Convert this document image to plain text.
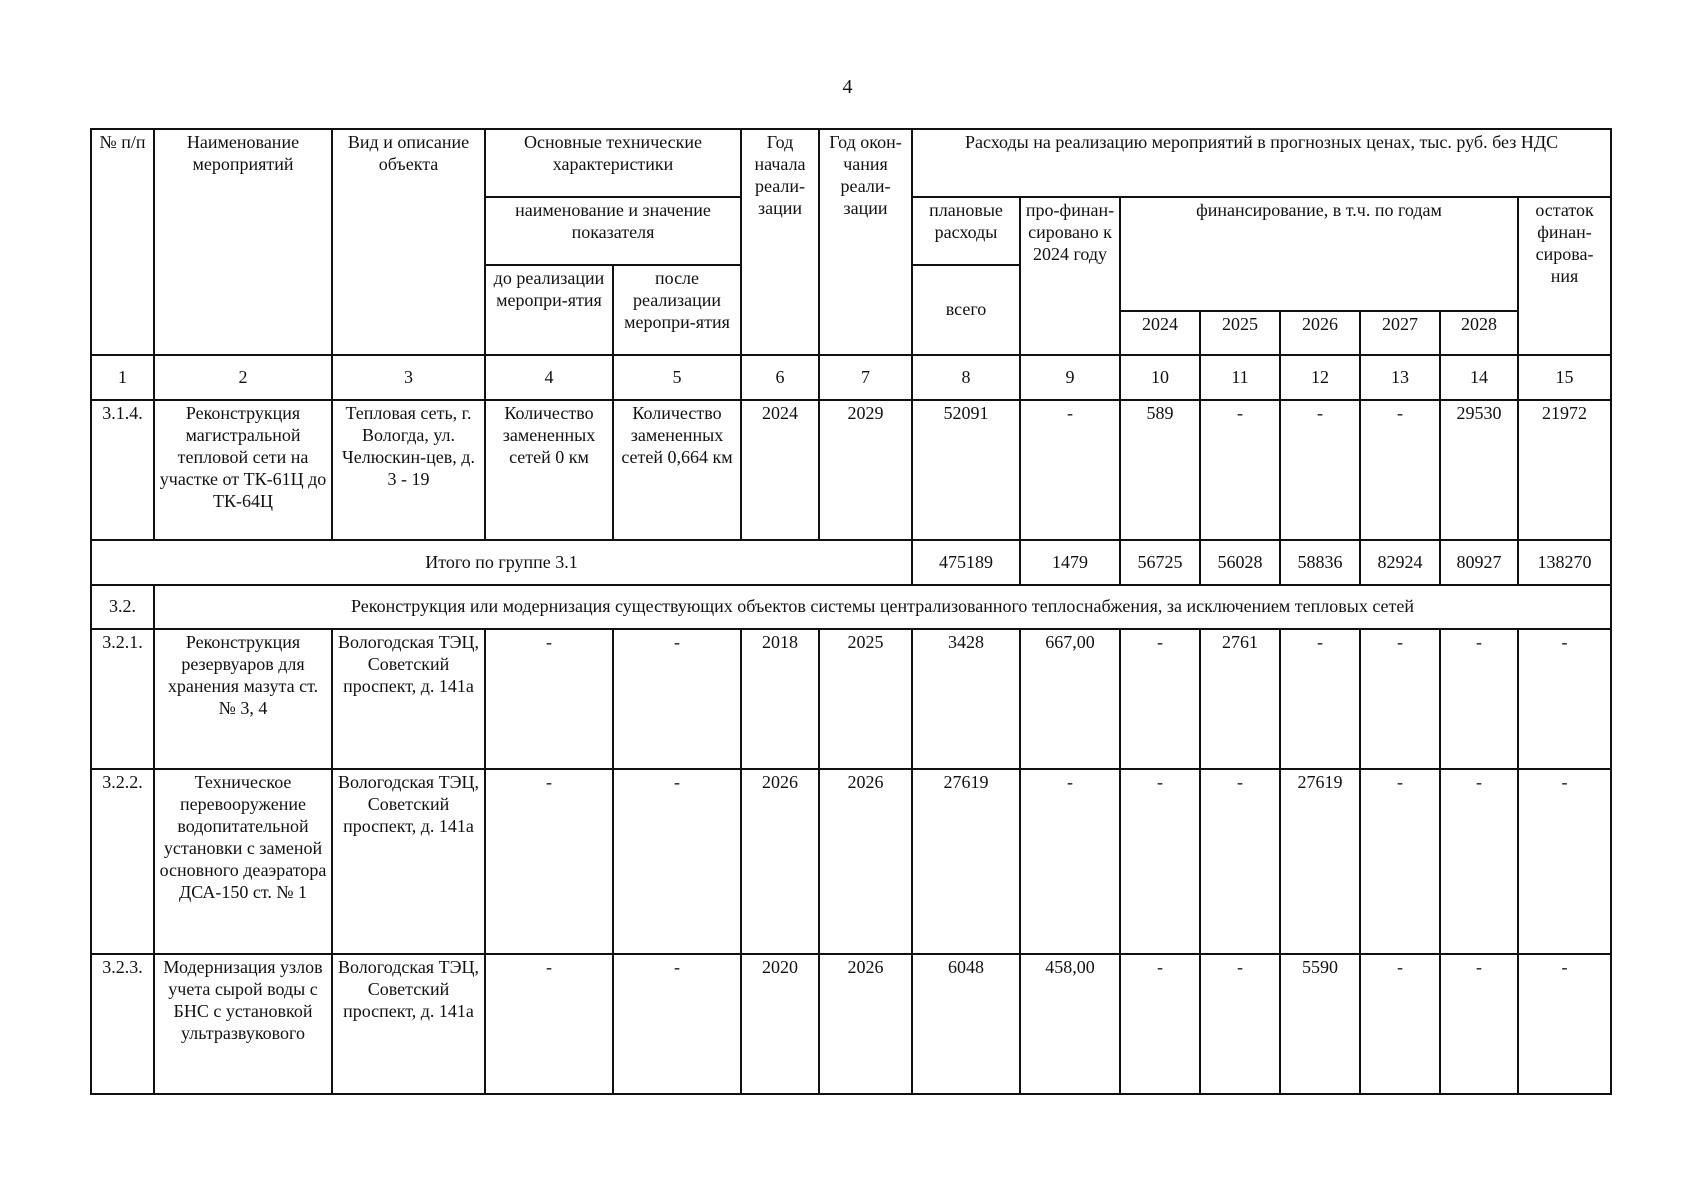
4
№ п/п	Наименование мероприятий	Вид и описание объекта	Основные технические характеристики		Год начала реали-зации	Год окон-чания реали-зации	Расходы на реализацию мероприятий в прогнозных ценах, тыс. руб. без НДС							
			наименование и значение показателя				плановые расходы	про-финан-сировано к 2024 году	финансирование, в т.ч. по годам					остаток финан-сирова-ния
			до реализации меропри-ятия	после реализации меропри-ятия			всего							
									2024	2025	2026	2027	2028	
1	2	3	4	5	6	7	8	9	10	11	12	13	14	15
3.1.4.	Реконструкция магистральной тепловой сети на участке от ТК-61Ц до ТК-64Ц	Тепловая сеть, г. Вологда, ул. Челюскин-цев, д. 3 - 19	Количество замененных сетей 0 км	Количество замененных сетей 0,664 км	2024	2029	52091	-	589	-	-	-	29530	21972
Итого по группе 3.1							475189	1479	56725	56028	58836	82924	80927	138270
3.2.	Реконструкция или модернизация существующих объектов системы централизованного теплоснабжения, за исключением тепловых сетей													
3.2.1.	Реконструкция резервуаров для хранения мазута ст. № 3, 4	Вологодская ТЭЦ, Советский проспект, д. 141а	-	-	2018	2025	3428	667,00	-	2761	-	-	-	-
3.2.2.	Техническое перевооружение водопитательной установки с заменой основного деаэратора ДСА-150 ст. № 1	Вологодская ТЭЦ, Советский проспект, д. 141а	-	-	2026	2026	27619	-	-	-	27619	-	-	-
3.2.3.	Модернизация узлов учета сырой воды с БНС с установкой ультразвукового	Вологодская ТЭЦ, Советский проспект, д. 141а	-	-	2020	2026	6048	458,00	-	-	5590	-	-	-
